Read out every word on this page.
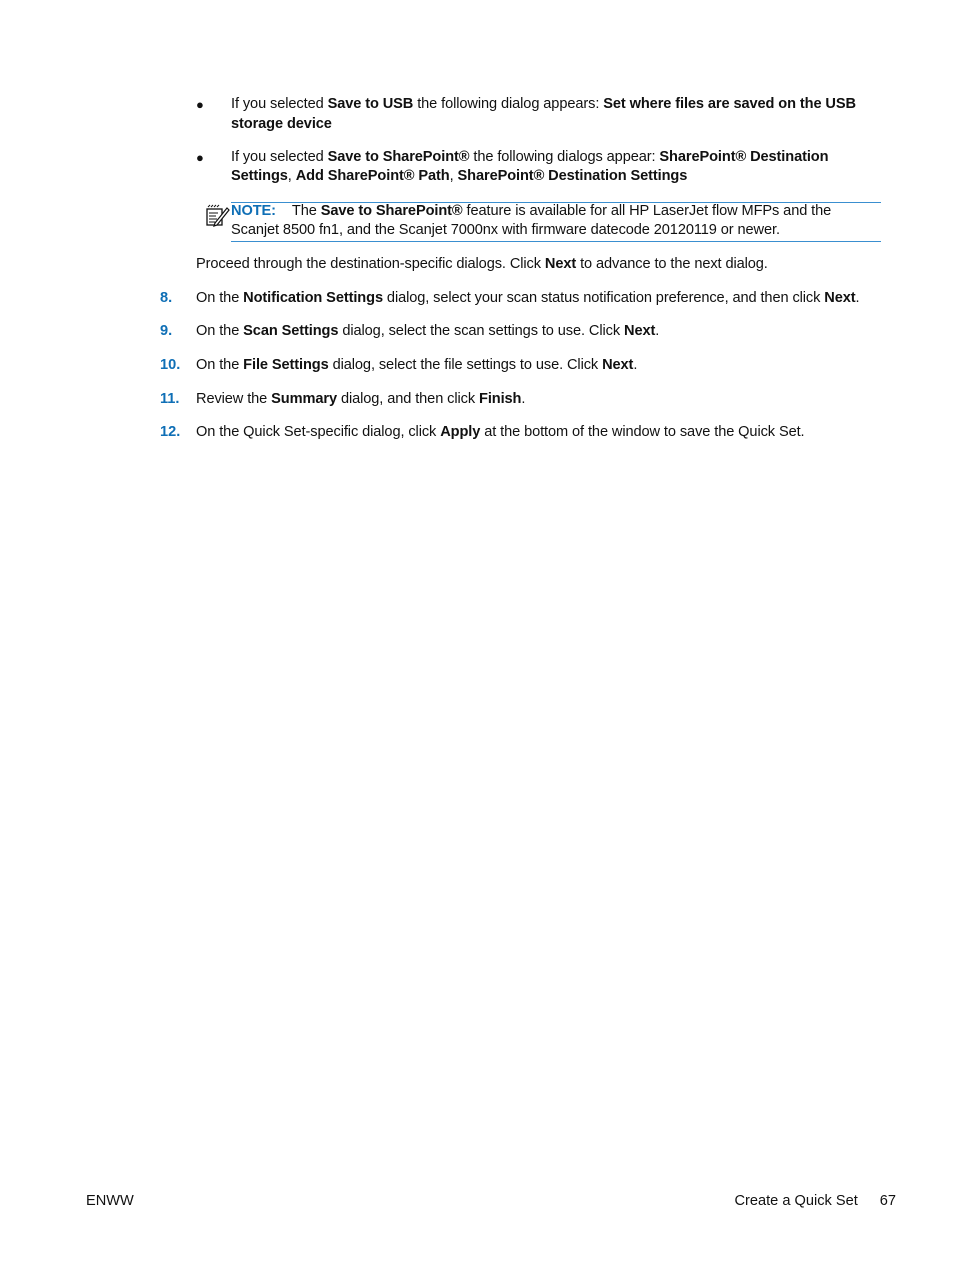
● If you selected Save to USB the following dialog appears: Set where files are saved on the USB
storage device
● If you selected Save to SharePoint® the following dialogs appear: SharePoint® Destination
Settings, Add SharePoint® Path, SharePoint® Destination Settings
NOTE: The Save to SharePoint® feature is available for all HP LaserJet flow MFPs and the
Scanjet 8500 fn1, and the Scanjet 7000nx with firmware datecode 20120119 or newer.
Proceed through the destination-specific dialogs. Click Next to advance to the next dialog.
8. On the Notification Settings dialog, select your scan status notification preference, and then click Next.
9. On the Scan Settings dialog, select the scan settings to use. Click Next.
10. On the File Settings dialog, select the file settings to use. Click Next.
11. Review the Summary dialog, and then click Finish.
12. On the Quick Set-specific dialog, click Apply at the bottom of the window to save the Quick Set.
ENWW	Create a Quick Set 67
